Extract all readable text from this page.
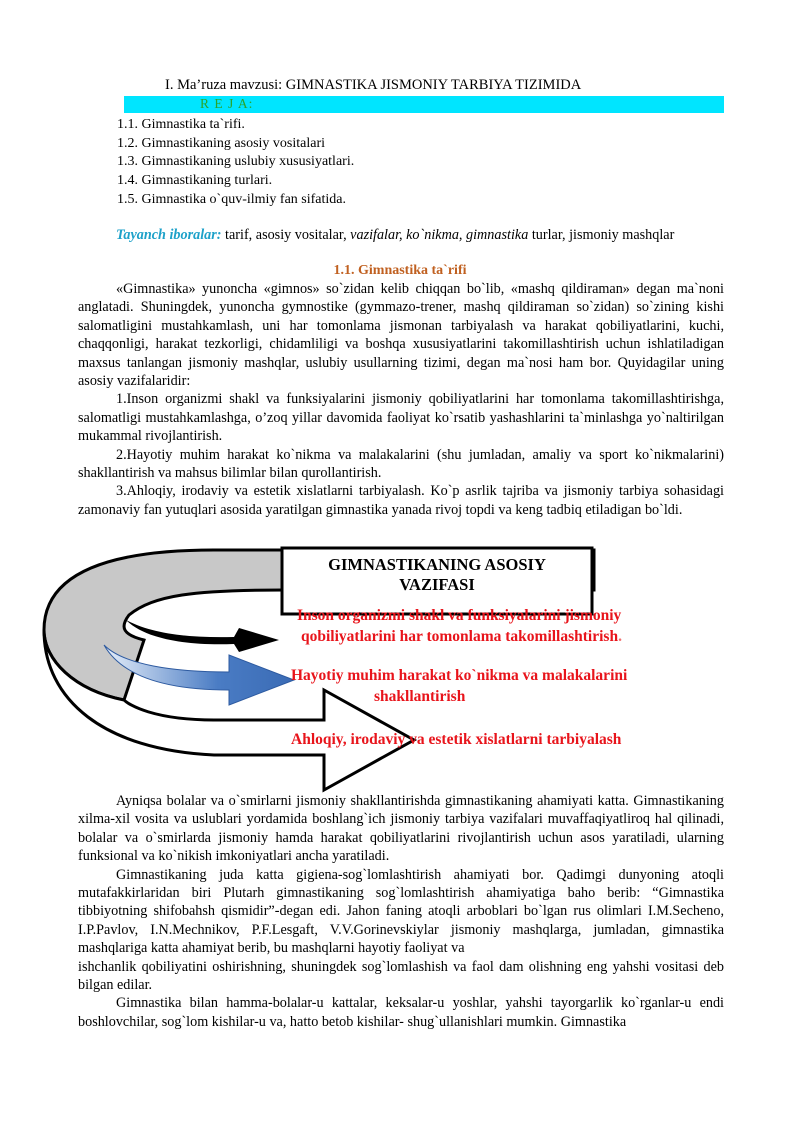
I. Ma’ruza mavzusi: GIMNASTIKA JISMONIY TARBIYA TIZIMIDA
R E J A:
1.1. Gimnastika ta`rifi.
1.2. Gimnastikaning asosiy vositalari
1.3. Gimnastikaning uslubiy xususiyatlari.
1.4. Gimnastikaning turlari.
1.5. Gimnastika o`quv-ilmiy fan sifatida.
Tayanch iboralar: tarif, asosiy vositalar, vazifalar, ko`nikma, gimnastika turlar, jismoniy mashqlar
1.1. Gimnastika ta`rifi

«Gimnastika» yunoncha «gimnos» so`zidan kelib chiqqan bo`lib, «mashq qildiraman» degan ma`noni anglatadi. Shuningdek, yunoncha gymnostike (gymmazo-trener, mashq qildiraman so`zidan) so`zining kishi salomatligini mustahkamlash, uni har tomonlama jismonan tarbiyalash va harakat qobiliyatlarini, kuchi, chaqqonligi, harakat tezkorligi, chidamliligi va boshqa xususiyatlarini takomillashtirish uchun ishlatiladigan maxsus tanlangan jismoniy mashqlar, uslubiy usullarning tizimi, degan ma`nosi ham bor. Quyidagilar uning asosiy vazifalaridir:

1.Inson organizmi shakl va funksiyalarini jismoniy qobiliyatlarini har tomonlama takomillashtirishga, salomatligi mustahkamlashga, o’zoq yillar davomida faoliyat ko`rsatib yashashlarini ta`minlashga yo`naltirilgan mukammal rivojlantirish.

2.Hayotiy muhim harakat ko`nikma va malakalarini (shu jumladan, amaliy va sport ko`nikmalarini) shakllantirish va mahsus bilimlar bilan qurollantirish.

3.Ahloqiy, irodaviy va estetik xislatlarni tarbiyalash. Ko`p asrlik tajriba va jismoniy tarbiya sohasidagi zamonaviy fan yutuqlari asosida yaratilgan gimnastika yanada rivoj topdi va keng tadbiq etiladigan bo`ldi.

GIMNASTIKANING ASOSIY
VAZIFASI
Inson organizmi shakl va funksiyalarini jismoniy
qobiliyatlarini har tomonlama takomillashtirish.
Hayotiy muhim harakat ko`nikma va malakalarini
shakllantirish
Ahloqiy, irodaviy va estetik xislatlarni tarbiyalash

Ayniqsa bolalar va o`smirlarni jismoniy shakllantirishda gimnastikaning ahamiyati katta. Gimnastikaning xilma-xil vosita va uslublari yordamida boshlang`ich jismoniy tarbiya vazifalari muvaffaqiyatliroq hal qilinadi, bolalar va o`smirlarda jismoniy hamda harakat qobiliyatlarini rivojlantirish uchun asos yaratiladi, ularning funksional va ko`nikish imkoniyatlari ancha yaratiladi.

Gimnastikaning juda katta gigiena-sog`lomlashtirish ahamiyati bor. Qadimgi dunyoning atoqli mutafakkirlaridan biri Plutarh gimnastikaning sog`lomlashtirish ahamiyatiga baho berib: “Gimnastika tibbiyotning shifobahsh qismidir”-degan edi. Jahon faning atoqli arboblari bo`lgan rus olimlari I.M.Secheno, I.P.Pavlov, I.N.Mechnikov, P.F.Lesgaft, V.V.Gorinevskiylar jismoniy mashqlarga, jumladan, gimnastika mashqlariga katta ahamiyat berib, bu mashqlarni hayotiy faoliyat va

ishchanlik qobiliyatini oshirishning, shuningdek sog`lomlashish va faol dam olishning eng yahshi vositasi deb bilgan edilar.

Gimnastika bilan hamma-bolalar-u kattalar, keksalar-u yoshlar, yahshi tayorgarlik ko`rganlar-u endi boshlovchilar, sog`lom kishilar-u va, hatto betob kishilar- shug`ullanishlari mumkin. Gimnastika
